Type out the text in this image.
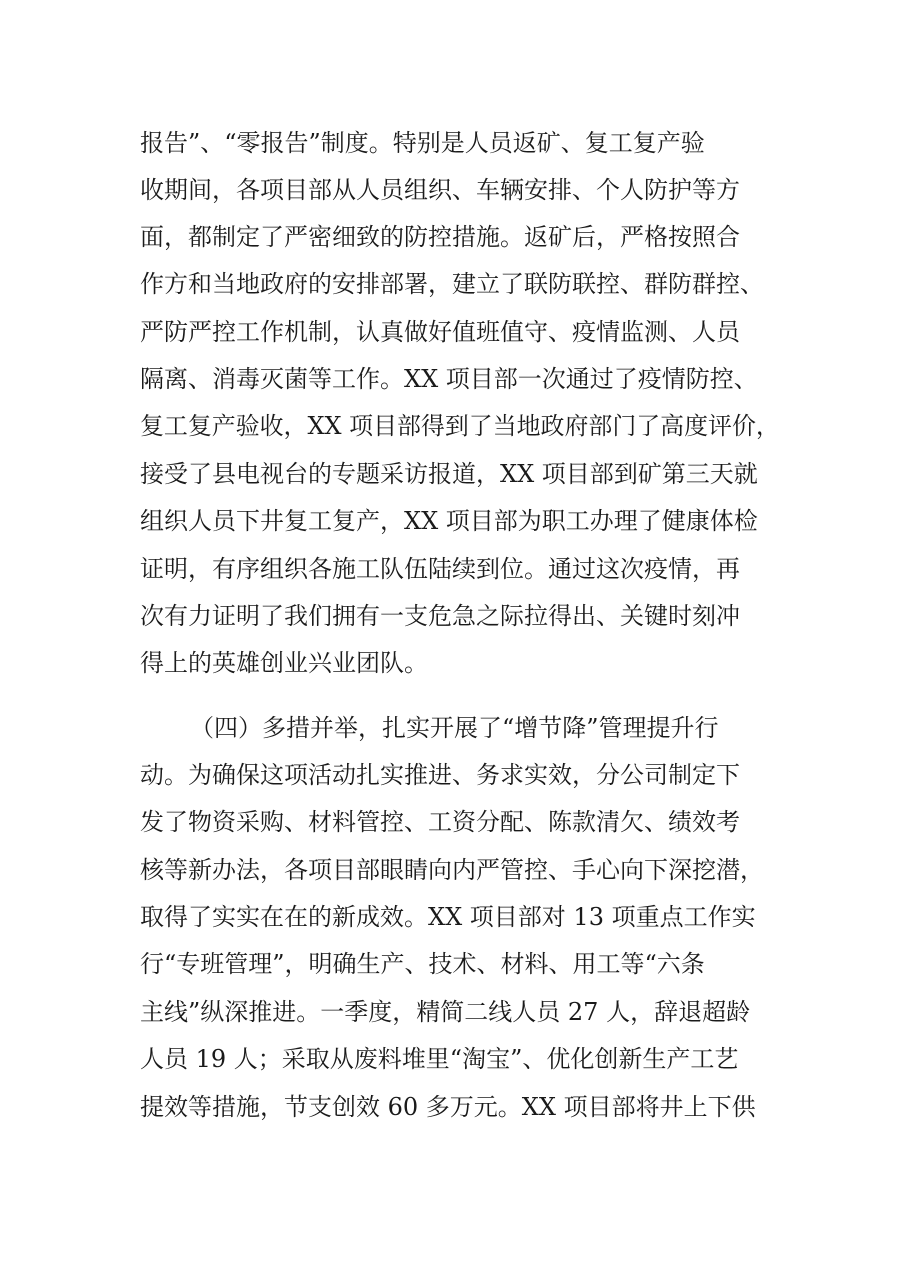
报告”、“零报告”制度。特别是人员返矿、复工复产验
收期间，各项目部从人员组织、车辆安排、个人防护等方
面，都制定了严密细致的防控措施。返矿后，严格按照合
作方和当地政府的安排部署，建立了联防联控、群防群控、
严防严控工作机制，认真做好值班值守、疫情监测、人员
隔离、消毒灭菌等工作。XX 项目部一次通过了疫情防控、
复工复产验收，XX 项目部得到了当地政府部门了高度评价，
接受了县电视台的专题采访报道，XX 项目部到矿第三天就
组织人员下井复工复产，XX 项目部为职工办理了健康体检
证明，有序组织各施工队伍陆续到位。通过这次疫情，再
次有力证明了我们拥有一支危急之际拉得出、关键时刻冲
得上的英雄创业兴业团队。
（四）多措并举，扎实开展了“增节降”管理提升行
动。为确保这项活动扎实推进、务求实效，分公司制定下
发了物资采购、材料管控、工资分配、陈款清欠、绩效考
核等新办法，各项目部眼睛向内严管控、手心向下深挖潜，
取得了实实在在的新成效。XX 项目部对 13 项重点工作实
行“专班管理”，明确生产、技术、材料、用工等“六条
主线”纵深推进。一季度，精简二线人员 27 人，辞退超龄
人员 19 人；采取从废料堆里“淘宝”、优化创新生产工艺
提效等措施，节支创效 60 多万元。XX 项目部将井上下供
